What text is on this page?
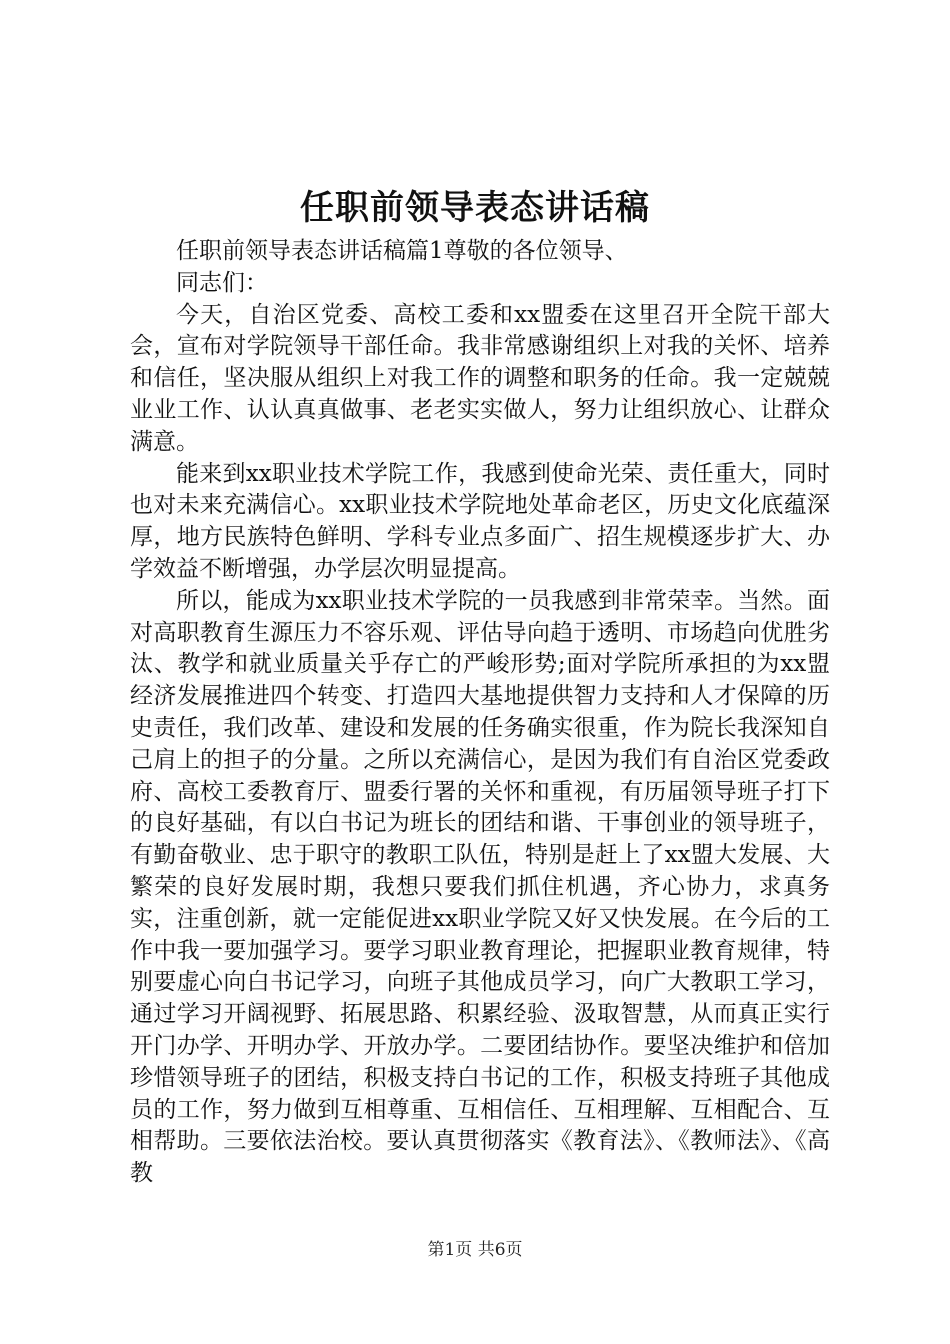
任职前领导表态讲话稿

任职前领导表态讲话稿篇1尊敬的各位领导、

同志们：

今天，自治区党委、高校工委和xx盟委在这里召开全院干部大会，宣布对学院领导干部任命。我非常感谢组织上对我的关怀、培养和信任，坚决服从组织上对我工作的调整和职务的任命。我一定兢兢业业工作、认认真真做事、老老实实做人，努力让组织放心、让群众满意。

能来到xx职业技术学院工作，我感到使命光荣、责任重大，同时也对未来充满信心。xx职业技术学院地处革命老区，历史文化底蕴深厚，地方民族特色鲜明、学科专业点多面广、招生规模逐步扩大、办学效益不断增强，办学层次明显提高。

所以，能成为xx职业技术学院的一员我感到非常荣幸。当然。面对高职教育生源压力不容乐观、评估导向趋于透明、市场趋向优胜劣汰、教学和就业质量关乎存亡的严峻形势;面对学院所承担的为xx盟经济发展推进四个转变、打造四大基地提供智力支持和人才保障的历史责任，我们改革、建设和发展的任务确实很重，作为院长我深知自己肩上的担子的分量。之所以充满信心，是因为我们有自治区党委政府、高校工委教育厅、盟委行署的关怀和重视，有历届领导班子打下的良好基础，有以白书记为班长的团结和谐、干事创业的领导班子，有勤奋敬业、忠于职守的教职工队伍，特别是赶上了xx盟大发展、大繁荣的良好发展时期，我想只要我们抓住机遇，齐心协力，求真务实，注重创新，就一定能促进xx职业学院又好又快发展。在今后的工作中我一要加强学习。要学习职业教育理论，把握职业教育规律，特别要虚心向白书记学习，向班子其他成员学习，向广大教职工学习，通过学习开阔视野、拓展思路、积累经验、汲取智慧，从而真正实行开门办学、开明办学、开放办学。二要团结协作。要坚决维护和倍加珍惜领导班子的团结，积极支持白书记的工作，积极支持班子其他成员的工作，努力做到互相尊重、互相信任、互相理解、互相配合、互相帮助。三要依法治校。要认真贯彻落实《教育法》、《教师法》、《高教

第1页 共6页
